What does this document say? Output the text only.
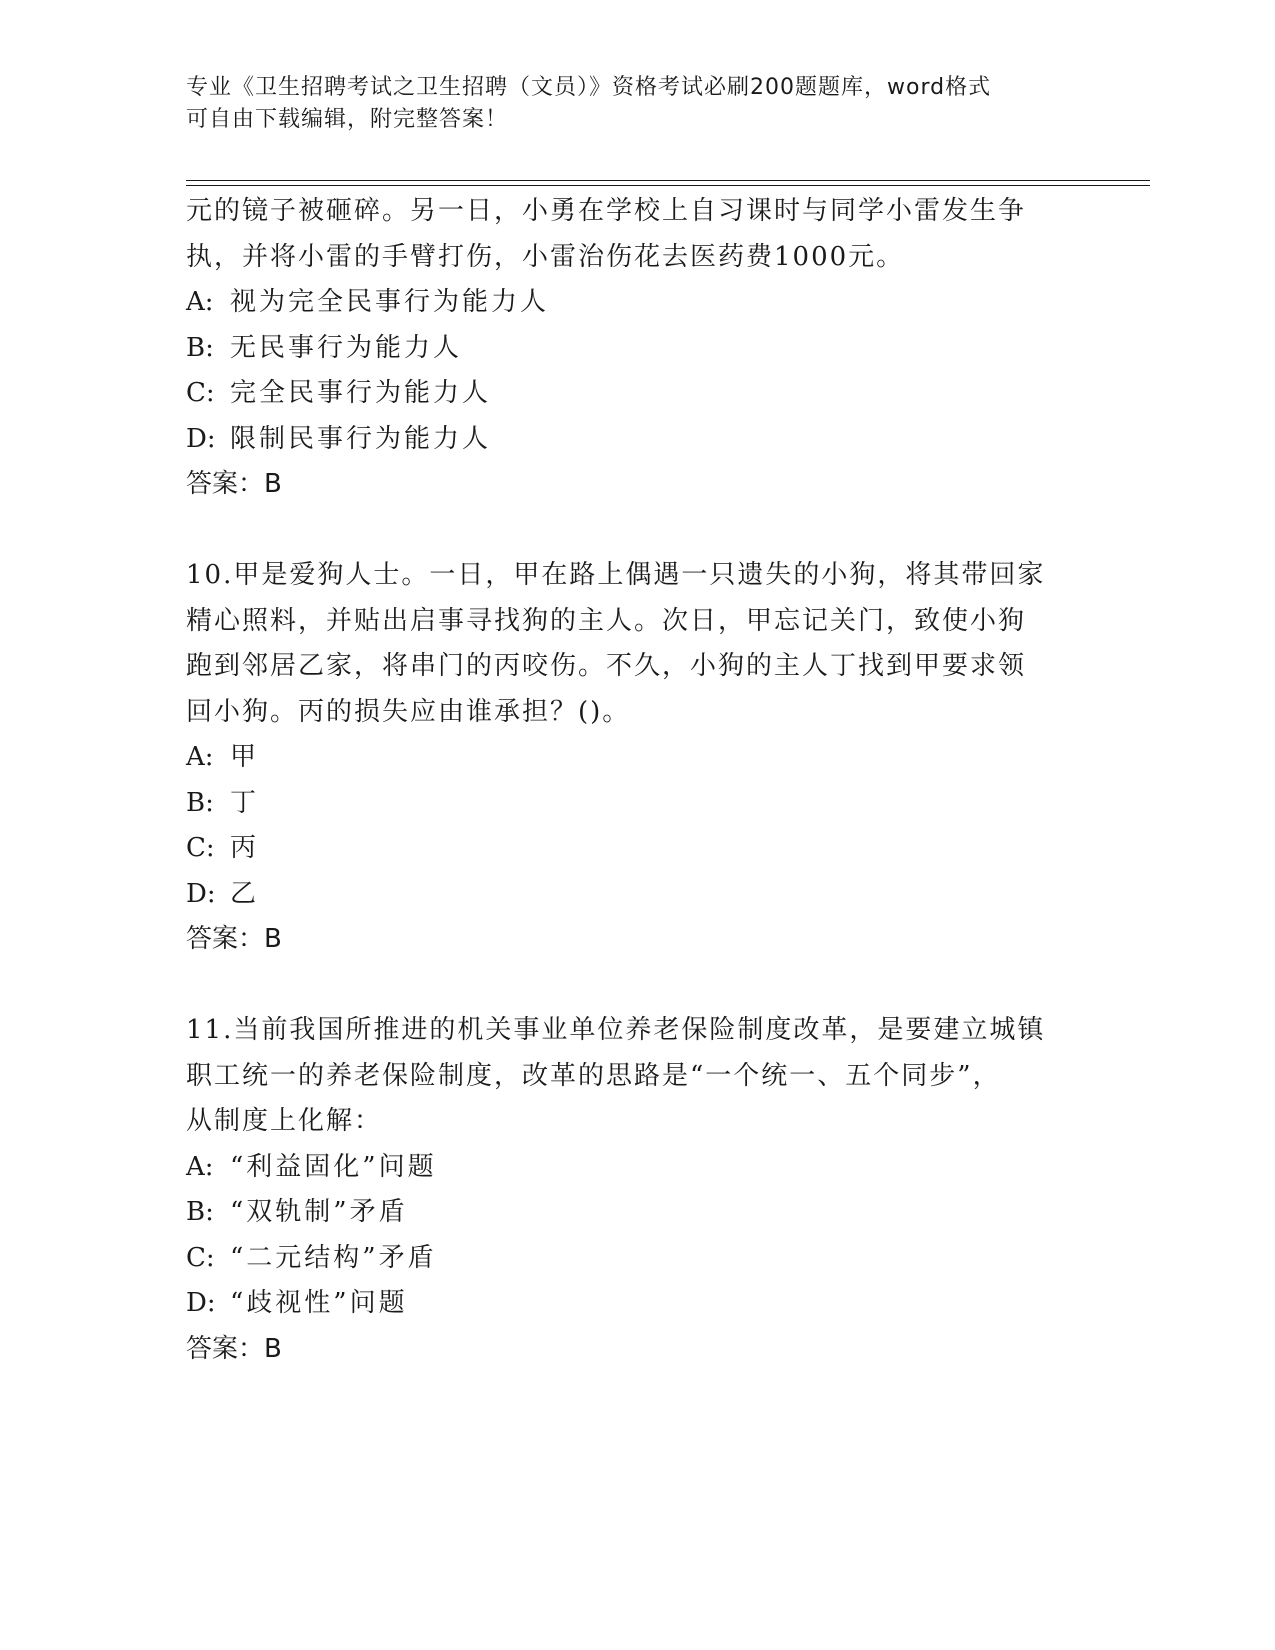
专业《卫生招聘考试之卫生招聘（文员）》资格考试必刷200题题库，word格式
可自由下载编辑，附完整答案！
元的镜子被砸碎。另一日，小勇在学校上自习课时与同学小雷发生争
执，并将小雷的手臂打伤，小雷治伤花去医药费1000元。
A: 视为完全民事行为能力人
B: 无民事行为能力人
C: 完全民事行为能力人
D: 限制民事行为能力人
答案：B
10.甲是爱狗人士。一日，甲在路上偶遇一只遗失的小狗，将其带回家
精心照料，并贴出启事寻找狗的主人。次日，甲忘记关门，致使小狗
跑到邻居乙家，将串门的丙咬伤。不久，小狗的主人丁找到甲要求领
回小狗。丙的损失应由谁承担？()。
A: 甲
B: 丁
C: 丙
D: 乙
答案：B
11.当前我国所推进的机关事业单位养老保险制度改革，是要建立城镇
职工统一的养老保险制度，改革的思路是“一个统一、五个同步”，
从制度上化解：
A: “利益固化”问题
B: “双轨制”矛盾
C: “二元结构”矛盾
D: “歧视性”问题
答案：B
